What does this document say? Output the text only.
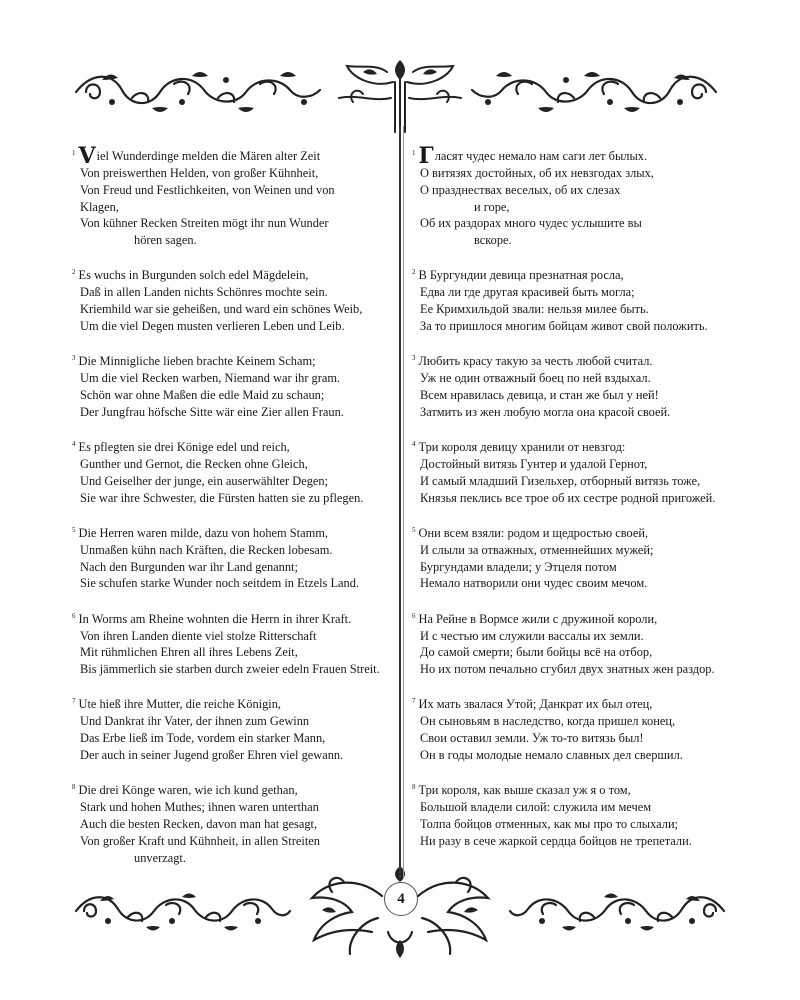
$^1$ Viel Wunderdinge melden die Mären alter Zeit
Von preiswerthen Helden, von großer Kühnheit,
Von Freud und Festlichkeiten, von Weinen und von
Klagen,
Von kühner Recken Streiten mögt ihr nun Wunder
hören sagen.
$^2$ Es wuchs in Burgunden solch edel Mägdelein,
Daß in allen Landen nichts Schönres mochte sein.
Kriemhild war sie geheißen, und ward ein schönes Weib,
Um die viel Degen musten verlieren Leben und Leib.
$^3$ Die Minnigliche lieben brachte Keinem Scham;
Um die viel Recken warben, Niemand war ihr gram.
Schön war ohne Maßen die edle Maid zu schaun;
Der Jungfrau höfsche Sitte wär eine Zier allen Fraun.
$^4$ Es pflegten sie drei Könige edel und reich,
Gunther und Gernot, die Recken ohne Gleich,
Und Geiselher der junge, ein auserwählter Degen;
Sie war ihre Schwester, die Fürsten hatten sie zu pflegen.
$^5$ Die Herren waren milde, dazu von hohem Stamm,
Unmaßen kühn nach Kräften, die Recken lobesam.
Nach den Burgunden war ihr Land genannt;
Sie schufen starke Wunder noch seitdem in Etzels Land.
$^6$ In Worms am Rheine wohnten die Herrn in ihrer Kraft.
Von ihren Landen diente viel stolze Ritterschaft
Mit rühmlichen Ehren all ihres Lebens Zeit,
Bis jämmerlich sie starben durch zweier edeln Frauen Streit.
$^7$ Ute hieß ihre Mutter, die reiche Königin,
Und Dankrat ihr Vater, der ihnen zum Gewinn
Das Erbe ließ im Tode, vordem ein starker Mann,
Der auch in seiner Jugend großer Ehren viel gewann.
$^8$ Die drei Könge waren, wie ich kund gethan,
Stark und hohen Muthes; ihnen waren unterthan
Auch die besten Recken, davon man hat gesagt,
Von großer Kraft und Kühnheit, in allen Streiten
unverzagt.
$^1$ Гласят чудес немало нам саги лет былых.
О витязях достойных, об их невзгодах злых,
О празднествах веселых, об их слезах
и горе,
Об их раздорах много чудес услышите вы
вскоре.
$^2$ В Бургундии девица презнатная росла,
Едва ли где другая красивей быть могла;
Ее Кримхильдой звали: нельзя милее быть.
За то пришлося многим бойцам живот свой положить.
$^3$ Любить красу такую за честь любой считал.
Уж не один отважный боец по ней вздыхал.
Всем нравилась девица, и стан же был у ней!
Затмить из жен любую могла она красой своей.
$^4$ Три короля девицу хранили от невзгод:
Достойный витязь Гунтер и удалой Гернот,
И самый младший Гизельхер, отборный витязь тоже,
Князья пеклись все трое об их сестре родной пригожей.
$^5$ Они всем взяли: родом и щедростью своей,
И слыли за отважных, отменнейших мужей;
Бургундами владели; у Этцеля потом
Немало натворили они чудес своим мечом.
$^6$ На Рейне в Вормсе жили с дружиной короли,
И с честью им служили вассалы их земли.
До самой смерти; были бойцы всё на отбор,
Но их потом печально сгубил двух знатных жен раздор.
$^7$ Их мать звалася Утой; Данкрат их был отец,
Он сыновьям в наследство, когда пришел конец,
Свои оставил земли. Уж то-то витязь был!
Он в годы молодые немало славных дел свершил.
$^8$ Три короля, как выше сказал уж я о том,
Большой владели силой: служила им мечем
Толпа бойцов отменных, как мы про то слыхали;
Ни разу в сече жаркой сердца бойцов не трепетали.
4
